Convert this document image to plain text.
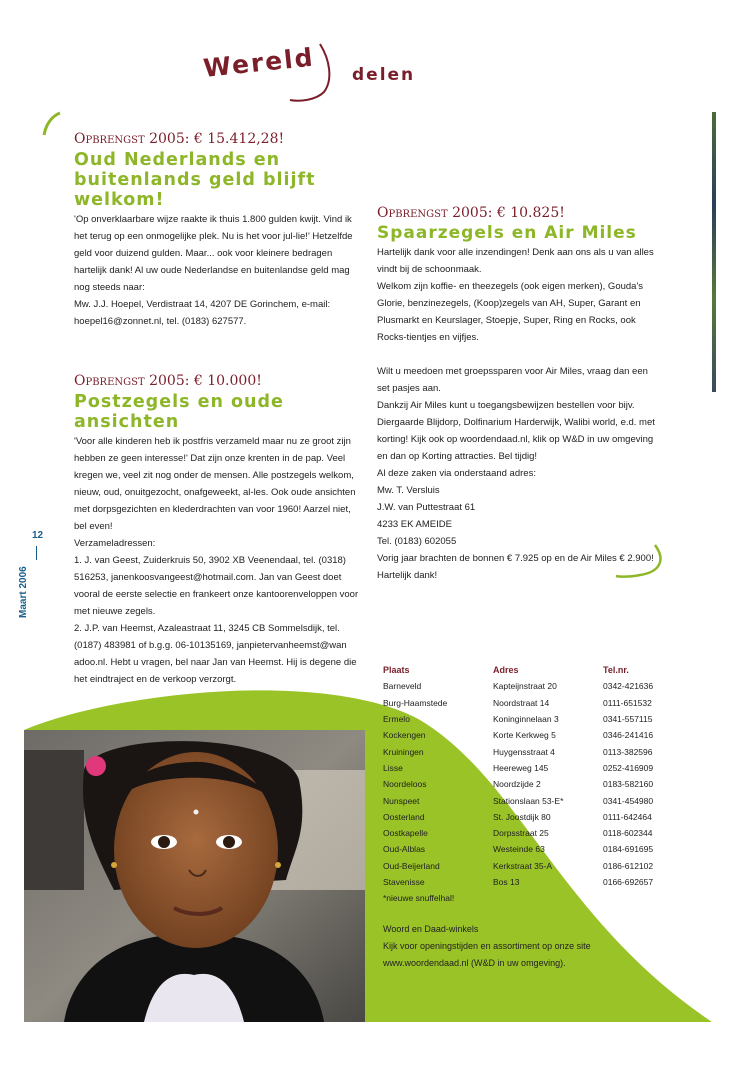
Wereld delen
Opbrengst 2005: € 15.412,28!
Oud Nederlands en buitenlands geld blijft welkom!

'Op onverklaarbare wijze raakte ik thuis 1.800 gulden kwijt. Vind ik het terug op een onmogelijke plek. Nu is het voor jul-lie!' Hetzelfde geld voor duizend gulden. Maar... ook voor kleinere bedragen hartelijk dank! Al uw oude Nederlandse en buitenlandse geld mag nog steeds naar:

Mw. J.J. Hoepel, Verdistraat 14, 4207 DE Gorinchem, e-mail: hoepel16@zonnet.nl, tel. (0183) 627577.

Opbrengst 2005: € 10.000!
Postzegels en oude ansichten

'Voor alle kinderen heb ik postfris verzameld maar nu ze groot zijn hebben ze geen interesse!' Dat zijn onze krenten in de pap. Veel kregen we, veel zit nog onder de mensen. Alle postzegels welkom, nieuw, oud, onuitgezocht, onafgeweekt, al-les. Ook oude ansichten met dorpsgezichten en klederdrachten van voor 1960! Aarzel niet, bel even!

Verzameladressen:

1. J. van Geest, Zuiderkruis 50, 3902 XB Veenendaal, tel. (0318) 516253, janenkoosvangeest@hotmail.com. Jan van Geest doet vooral de eerste selectie en frankeert onze kantoorenveloppen voor met nieuwe zegels.

2. J.P. van Heemst, Azaleastraat 11, 3245 CB Sommelsdijk, tel. (0187) 483981 of b.g.g. 06-10135169, janpietervanheemst@wan adoo.nl. Hebt u vragen, bel naar Jan van Heemst. Hij is degene die het eindtraject en de verkoop verzorgt.

Opbrengst 2005: € 10.825!
Spaarzegels en Air Miles

Hartelijk dank voor alle inzendingen! Denk aan ons als u van alles vindt bij de schoonmaak.

Welkom zijn koffie- en theezegels (ook eigen merken), Gouda's Glorie, benzinezegels, (Koop)zegels van AH, Super, Garant en Plusmarkt en Keurslager, Stoepje, Super, Ring en Rocks, ook Rocks-tientjes en vijfjes.

Wilt u meedoen met groepssparen voor Air Miles, vraag dan een set pasjes aan.

Dankzij Air Miles kunt u toegangsbewijzen bestellen voor bijv. Diergaarde Blijdorp, Dolfinarium Harderwijk, Walibi world, e.d. met korting! Kijk ook op woordendaad.nl, klik op W&D in uw omgeving en dan op Korting attracties. Bel tijdig!

Al deze zaken via onderstaand adres:

Mw. T. Versluis

J.W. van Puttestraat 61

4233 EK AMEIDE

Tel. (0183) 602055

Vorig jaar brachten de bonnen € 7.925 op en de Air Miles € 2.900! Hartelijk dank!

12
Maart 2006
Plaats	Adres	Tel.nr.
Barneveld	Kapteijnstraat 20	0342-421636
Burg-Haamstede	Noordstraat 14	0111-651532
Ermelo	Koninginnelaan 3	0341-557115
Kockengen	Korte Kerkweg 5	0346-241416
Kruiningen	Huygensstraat 4	0113-382596
Lisse	Heereweg 145	0252-416909
Noordeloos	Noordzijde 2	0183-582160
Nunspeet	Stationslaan 53-E*	0341-454980
Oosterland	St. Joostdijk 80	0111-642464
Oostkapelle	Dorpsstraat 25	0118-602344
Oud-Alblas	Westeinde 63	0184-691695
Oud-Beijerland	Kerkstraat 35-A	0186-612102
Stavenisse	Bos 13	0166-692657
*nieuwe snuffelhal!

Woord en Daad-winkels

Kijk voor openingstijden en assortiment op onze site

www.woordendaad.nl (W&D in uw omgeving).
